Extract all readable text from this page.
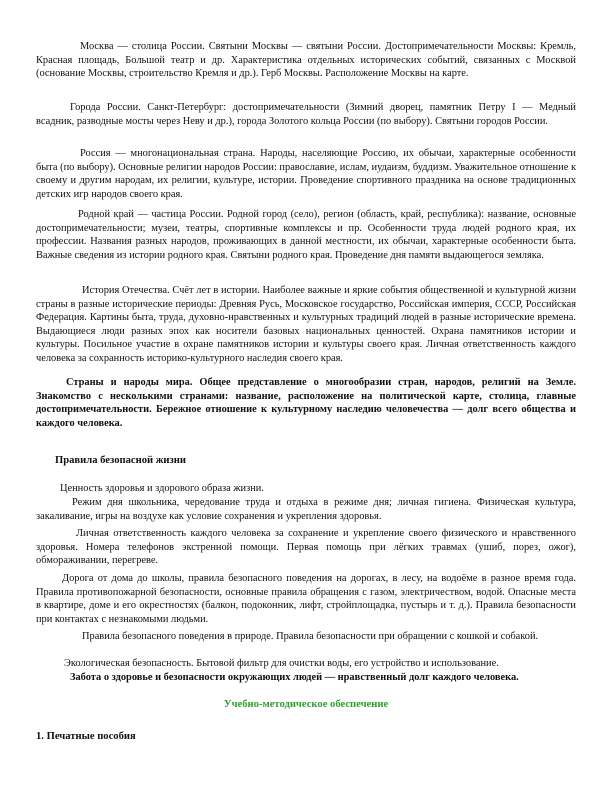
Москва — столица России. Святыни Москвы — святыни России. Достопримечательности Москвы: Кремль, Красная площадь, Большой театр и др. Характеристика отдельных исторических событий, связанных с Москвой (основание Москвы, строительство Кремля и др.). Герб Москвы. Расположение Москвы на карте.

Города России. Санкт-Петербург: достопримечательности (Зимний дворец, памятник Петру I — Медный всадник, разводные мосты через Неву и др.), города Золотого кольца России (по выбору). Святыни городов России.

Россия — многонациональная страна. Народы, населяющие Россию, их обычаи, характерные особенности быта (по выбору). Основные религии народов России: православие, ислам, иудаизм, буддизм. Уважительное отношение к своему и другим народам, их религии, культуре, истории. Проведение спортивного праздника на основе традиционных детских игр народов своего края.

Родной край — частица России. Родной город (село), регион (область, край, республика): название, основные достопримечательности; музеи, театры, спортивные комплексы и пр. Особенности труда людей родного края, их профессии. Названия разных народов, проживающих в данной местности, их обычаи, характерные особенности быта. Важные сведения из истории родного края. Святыни родного края. Проведение дня памяти выдающегося земляка.

История Отечества. Счёт лет в истории. Наиболее важные и яркие события общественной и культурной жизни страны в разные исторические периоды: Древняя Русь, Московское государство, Российская империя, СССР, Российская Федерация. Картины быта, труда, духовно-нравственных и культурных традиций людей в разные исторические времена. Выдающиеся люди разных эпох как носители базовых национальных ценностей. Охрана памятников истории и культуры. Посильное участие в охране памятников истории и культуры своего края. Личная ответственность каждого человека за сохранность историко-культурного наследия своего края.

Страны и народы мира. Общее представление о многообразии стран, народов, религий на Земле. Знакомство с несколькими странами: название, расположение на политической карте, столица, главные достопримечательности. Бережное отношение к культурному наследию человечества — долг всего общества и каждого человека.

Правила безопасной жизни

Ценность здоровья и здорового образа жизни.

Режим дня школьника, чередование труда и отдыха в режиме дня; личная гигиена. Физическая культура, закаливание, игры на воздухе как условие сохранения и укрепления здоровья.

Личная ответственность каждого человека за сохранение и укрепление своего физического и нравственного здоровья. Номера телефонов экстренной помощи. Первая помощь при лёгких травмах (ушиб, порез, ожог), обмораживании, перегреве.

Дорога от дома до школы, правила безопасного поведения на дорогах, в лесу, на водоёме в разное время года. Правила противопожарной безопасности, основные правила обращения с газом, электричеством, водой. Опасные места в квартире, доме и его окрестностях (балкон, подоконник, лифт, стройплощадка, пустырь и т. д.). Правила безопасности при контактах с незнакомыми людьми.

Правила безопасного поведения в природе. Правила безопасности при обращении с кошкой и собакой.

Экологическая безопасность. Бытовой фильтр для очистки воды, его устройство и использование.

Забота о здоровье и безопасности окружающих людей — нравственный долг каждого человека.

Учебно-методическое обеспечение

1. Печатные пособия
